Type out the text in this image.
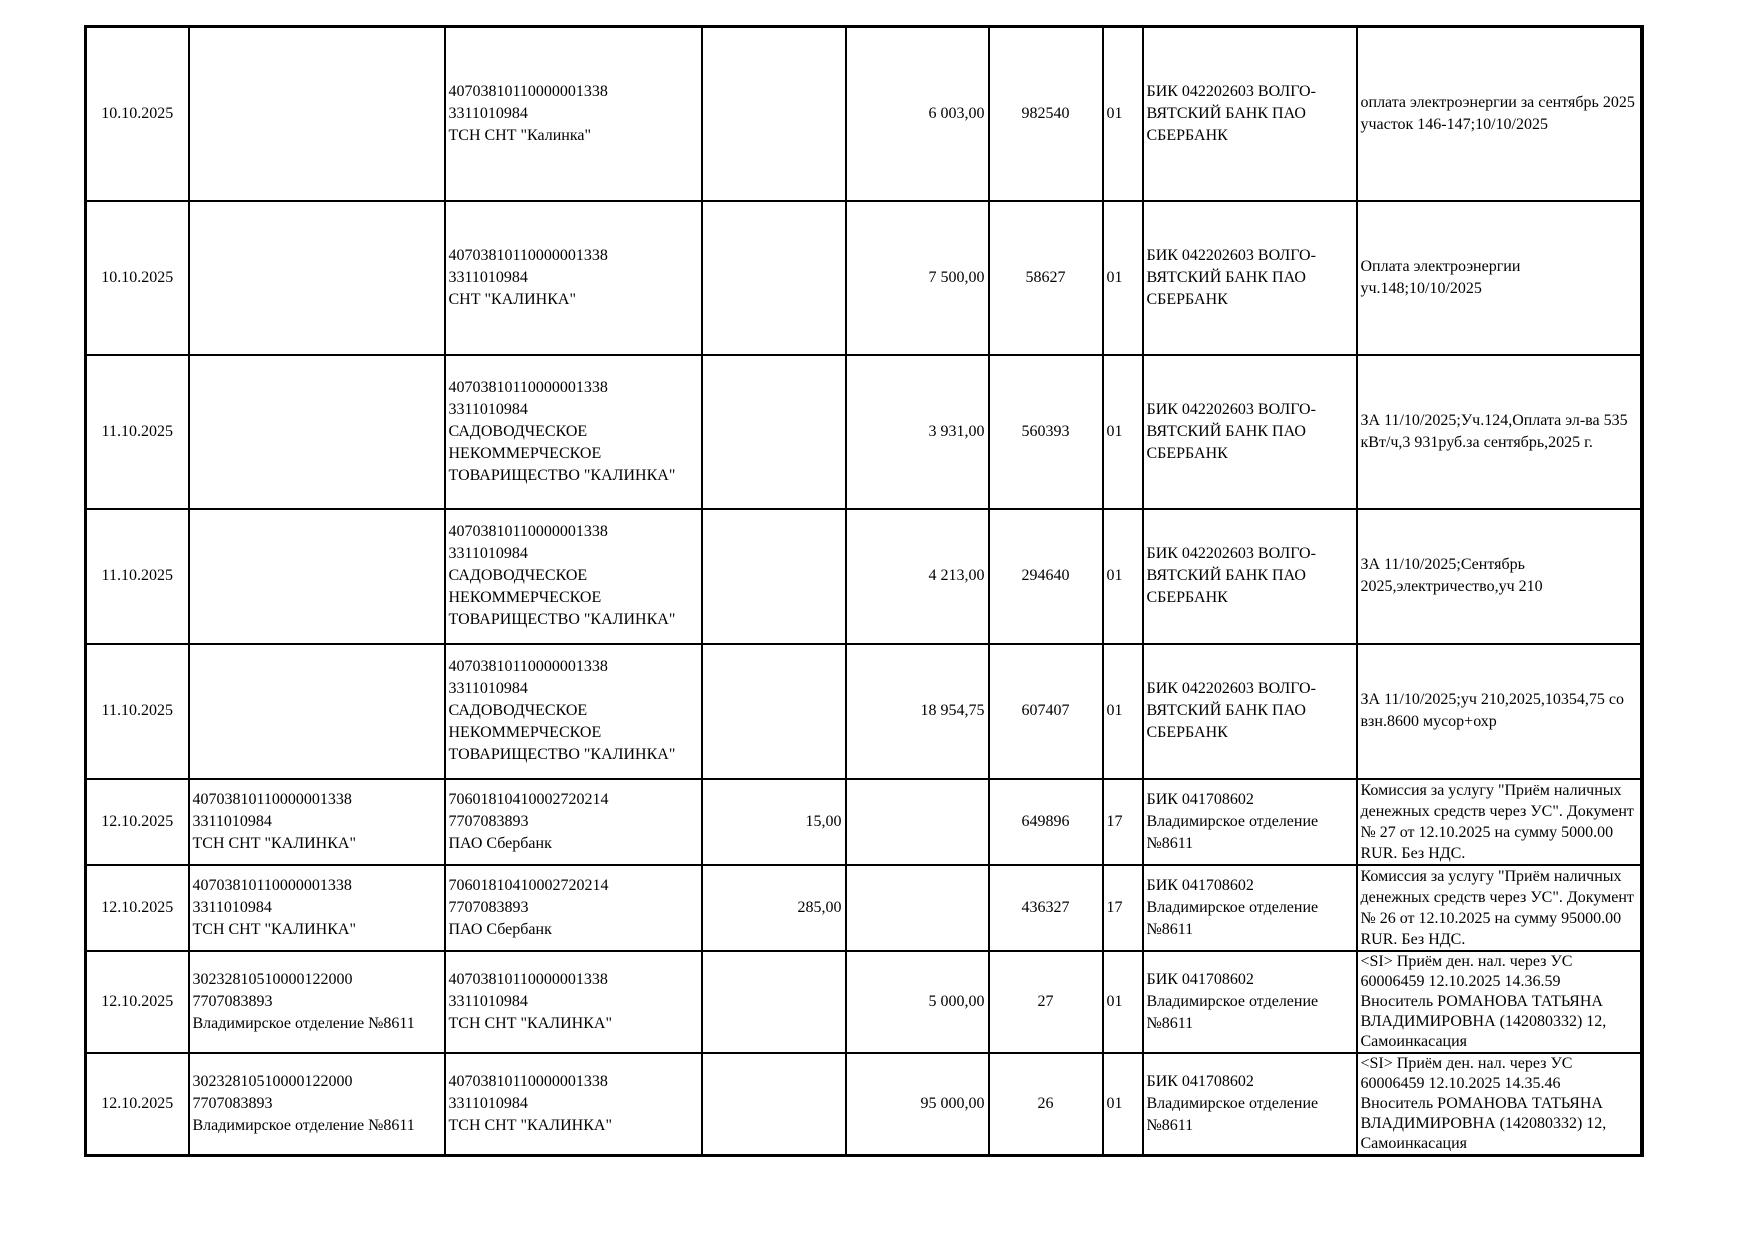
10.10.2025		40703810110000001338
3311010984
ТСН СНТ "Калинка"		6 003,00	982540	01	БИК 042202603 ВОЛГО-ВЯТСКИЙ БАНК ПАО СБЕРБАНК	оплата электроэнергии за сентябрь 2025 участок 146-147;10/10/2025
10.10.2025		40703810110000001338
3311010984
СНТ "КАЛИНКА"		7 500,00	58627	01	БИК 042202603 ВОЛГО-ВЯТСКИЙ БАНК ПАО СБЕРБАНК	Оплата электроэнергии уч.148;10/10/2025
11.10.2025		40703810110000001338
3311010984
САДОВОДЧЕСКОЕ НЕКОММЕРЧЕСКОЕ ТОВАРИЩЕСТВО "КАЛИНКА"		3 931,00	560393	01	БИК 042202603 ВОЛГО-ВЯТСКИЙ БАНК ПАО СБЕРБАНК	ЗА 11/10/2025;Уч.124,Оплата эл-ва 535 кВт/ч,3 931руб.за сентябрь,2025 г.
11.10.2025		40703810110000001338
3311010984
САДОВОДЧЕСКОЕ НЕКОММЕРЧЕСКОЕ ТОВАРИЩЕСТВО "КАЛИНКА"		4 213,00	294640	01	БИК 042202603 ВОЛГО-ВЯТСКИЙ БАНК ПАО СБЕРБАНК	ЗА 11/10/2025;Сентябрь 2025,электричество,уч 210
11.10.2025		40703810110000001338
3311010984
САДОВОДЧЕСКОЕ НЕКОММЕРЧЕСКОЕ ТОВАРИЩЕСТВО "КАЛИНКА"		18 954,75	607407	01	БИК 042202603 ВОЛГО-ВЯТСКИЙ БАНК ПАО СБЕРБАНК	ЗА 11/10/2025;уч 210,2025,10354,75 со взн.8600 мусор+охр
12.10.2025	40703810110000001338
3311010984
ТСН СНТ "КАЛИНКА"	70601810410002720214
7707083893
ПАО Сбербанк	15,00		649896	17	БИК 041708602
Владимирское отделение №8611	Комиссия за услугу "Приём наличных денежных средств через УС". Документ № 27 от 12.10.2025 на сумму 5000.00 RUR. Без НДС.
12.10.2025	40703810110000001338
3311010984
ТСН СНТ "КАЛИНКА"	70601810410002720214
7707083893
ПАО Сбербанк	285,00		436327	17	БИК 041708602
Владимирское отделение №8611	Комиссия за услугу "Приём наличных денежных средств через УС". Документ № 26 от 12.10.2025 на сумму 95000.00 RUR. Без НДС.
12.10.2025	30232810510000122000
7707083893
Владимирское отделение №8611	40703810110000001338
3311010984
ТСН СНТ "КАЛИНКА"		5 000,00	27	01	БИК 041708602
Владимирское отделение №8611	<SI> Приём ден. нал. через УС 60006459 12.10.2025 14.36.59 Вноситель РОМАНОВА ТАТЬЯНА ВЛАДИМИРОВНА (142080332) 12, Самоинкасация
12.10.2025	30232810510000122000
7707083893
Владимирское отделение №8611	40703810110000001338
3311010984
ТСН СНТ "КАЛИНКА"		95 000,00	26	01	БИК 041708602
Владимирское отделение №8611	<SI> Приём ден. нал. через УС 60006459 12.10.2025 14.35.46 Вноситель РОМАНОВА ТАТЬЯНА ВЛАДИМИРОВНА (142080332) 12, Самоинкасация
